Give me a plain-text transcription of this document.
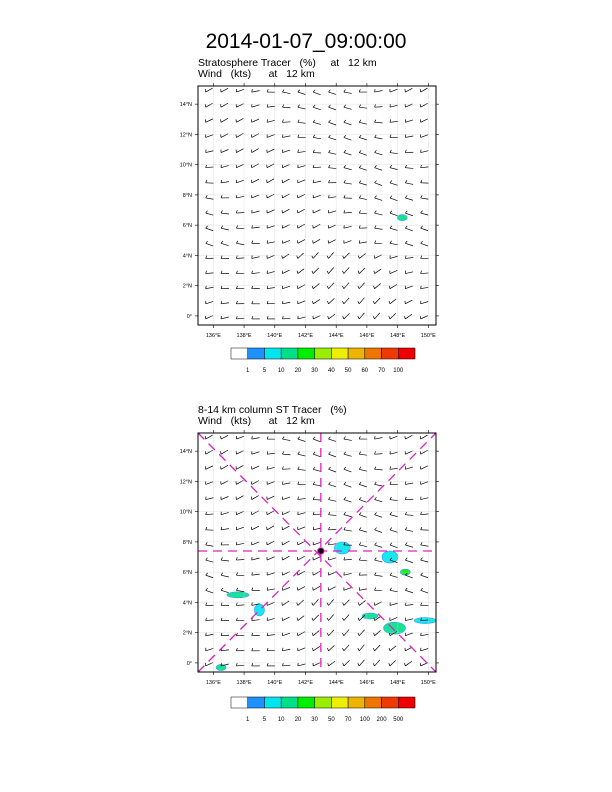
2014-01-07_09:00:00
Stratosphere Tracer   (%)     at   12 km
Wind   (kts)      at   12 km
8-14 km column ST Tracer   (%)
Wind   (kts)      at   12 km
136°E	138°E	140°E	142°E	144°E	146°E	148°E	150°E
0°
2°N
4°N
6°N
8°N
10°N
12°N
14°N
1 5 10 20 30 40 50 60 70 100
136°E	138°E	140°E	142°E	144°E	146°E	148°E	150°E
0°
2°N
4°N
6°N
8°N
10°N
12°N
14°N
1 5 10 20 30 50 70 100 200 500
